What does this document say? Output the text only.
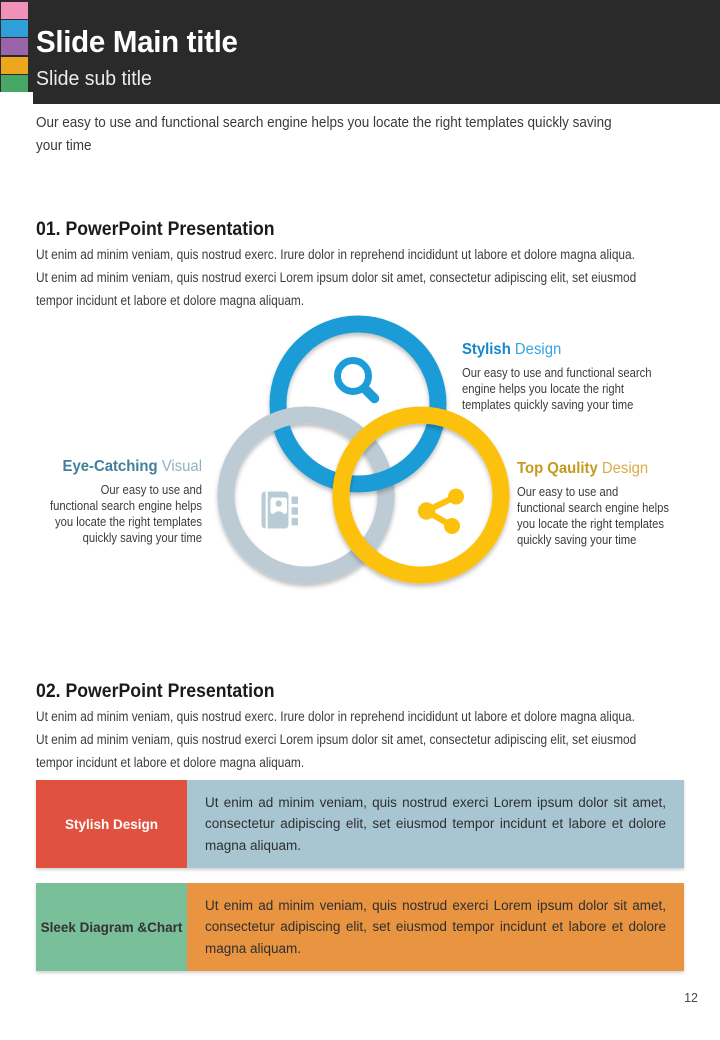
Slide Main title
Slide sub title
Our easy to use and functional search engine helps you locate the right templates quickly saving
your time
01. PowerPoint Presentation
Ut enim ad minim veniam, quis nostrud exerc. Irure dolor in reprehend incididunt ut labore et dolore magna aliqua.
Ut enim ad minim veniam, quis nostrud exerci Lorem ipsum dolor sit amet, consectetur adipiscing elit, set eiusmod
tempor incidunt et labore et dolore magna aliquam.
Stylish Design
Our easy to use and functional search
engine helps you locate the right
templates quickly saving your time
Eye-Catching Visual
Our easy to use and
functional search engine helps
you locate the right templates
quickly saving your time
Top Qaulity Design
Our easy to use and
functional search engine helps
you locate the right templates
quickly saving your time
02. PowerPoint Presentation
Ut enim ad minim veniam, quis nostrud exerc. Irure dolor in reprehend incididunt ut labore et dolore magna aliqua.
Ut enim ad minim veniam, quis nostrud exerci Lorem ipsum dolor sit amet, consectetur adipiscing elit, set eiusmod
tempor incidunt et labore et dolore magna aliquam.
Stylish Design
Ut enim ad minim veniam, quis nostrud exerci Lorem ipsum dolor sit amet, consectetur adipiscing elit, set eiusmod tempor incidunt et labore et dolore magna aliquam.
Sleek Diagram & Chart
Ut enim ad minim veniam, quis nostrud exerci Lorem ipsum dolor sit amet, consectetur adipiscing elit, set eiusmod tempor incidunt et labore et dolore magna aliquam.
12
